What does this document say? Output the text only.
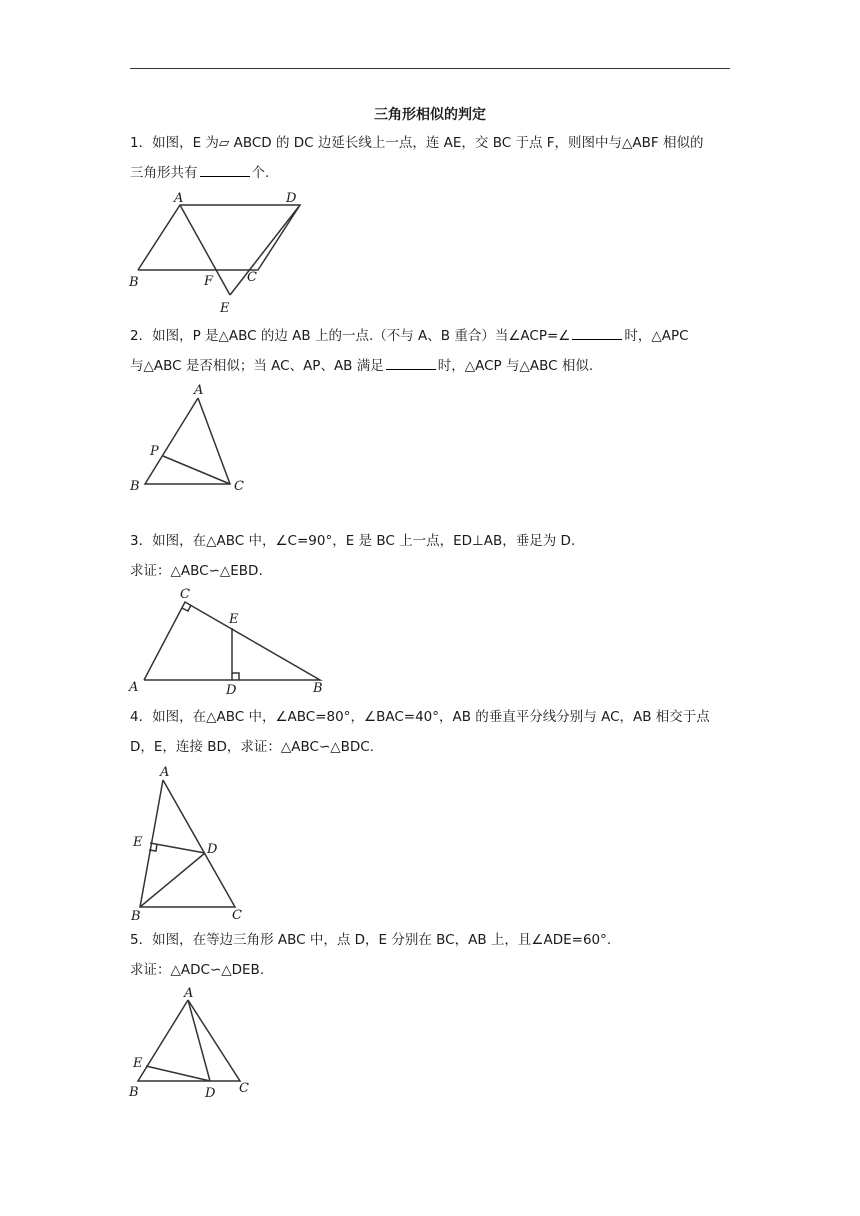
三角形相似的判定
1．如图，E 为▱ ABCD 的 DC 边延长线上一点，连 AE，交 BC 于点 F，则图中与△ABF 相似的
三角形共有	个.
A	D
B	F	C
E
2．如图，P 是△ABC 的边 AB 上的一点.（不与 A、B 重合）当∠ACP=∠	时，△APC
与△ABC 是否相似；当 AC、AP、AB 满足	时，△ACP 与△ABC 相似.
A
P
B	C
3．如图，在△ABC 中，∠C=90°，E 是 BC 上一点，ED⊥AB，垂足为 D.
求证：△ABC∽△EBD.
C
E
A	D	B
4．如图，在△ABC 中，∠ABC=80°，∠BAC=40°，AB 的垂直平分线分别与 AC，AB 相交于点
D，E，连接 BD，求证：△ABC∽△BDC.
A
E	D
B	C
5．如图，在等边三角形 ABC 中，点 D，E 分别在 BC，AB 上，且∠ADE=60°.
求证：△ADC∽△DEB.
A
E
B	D C
